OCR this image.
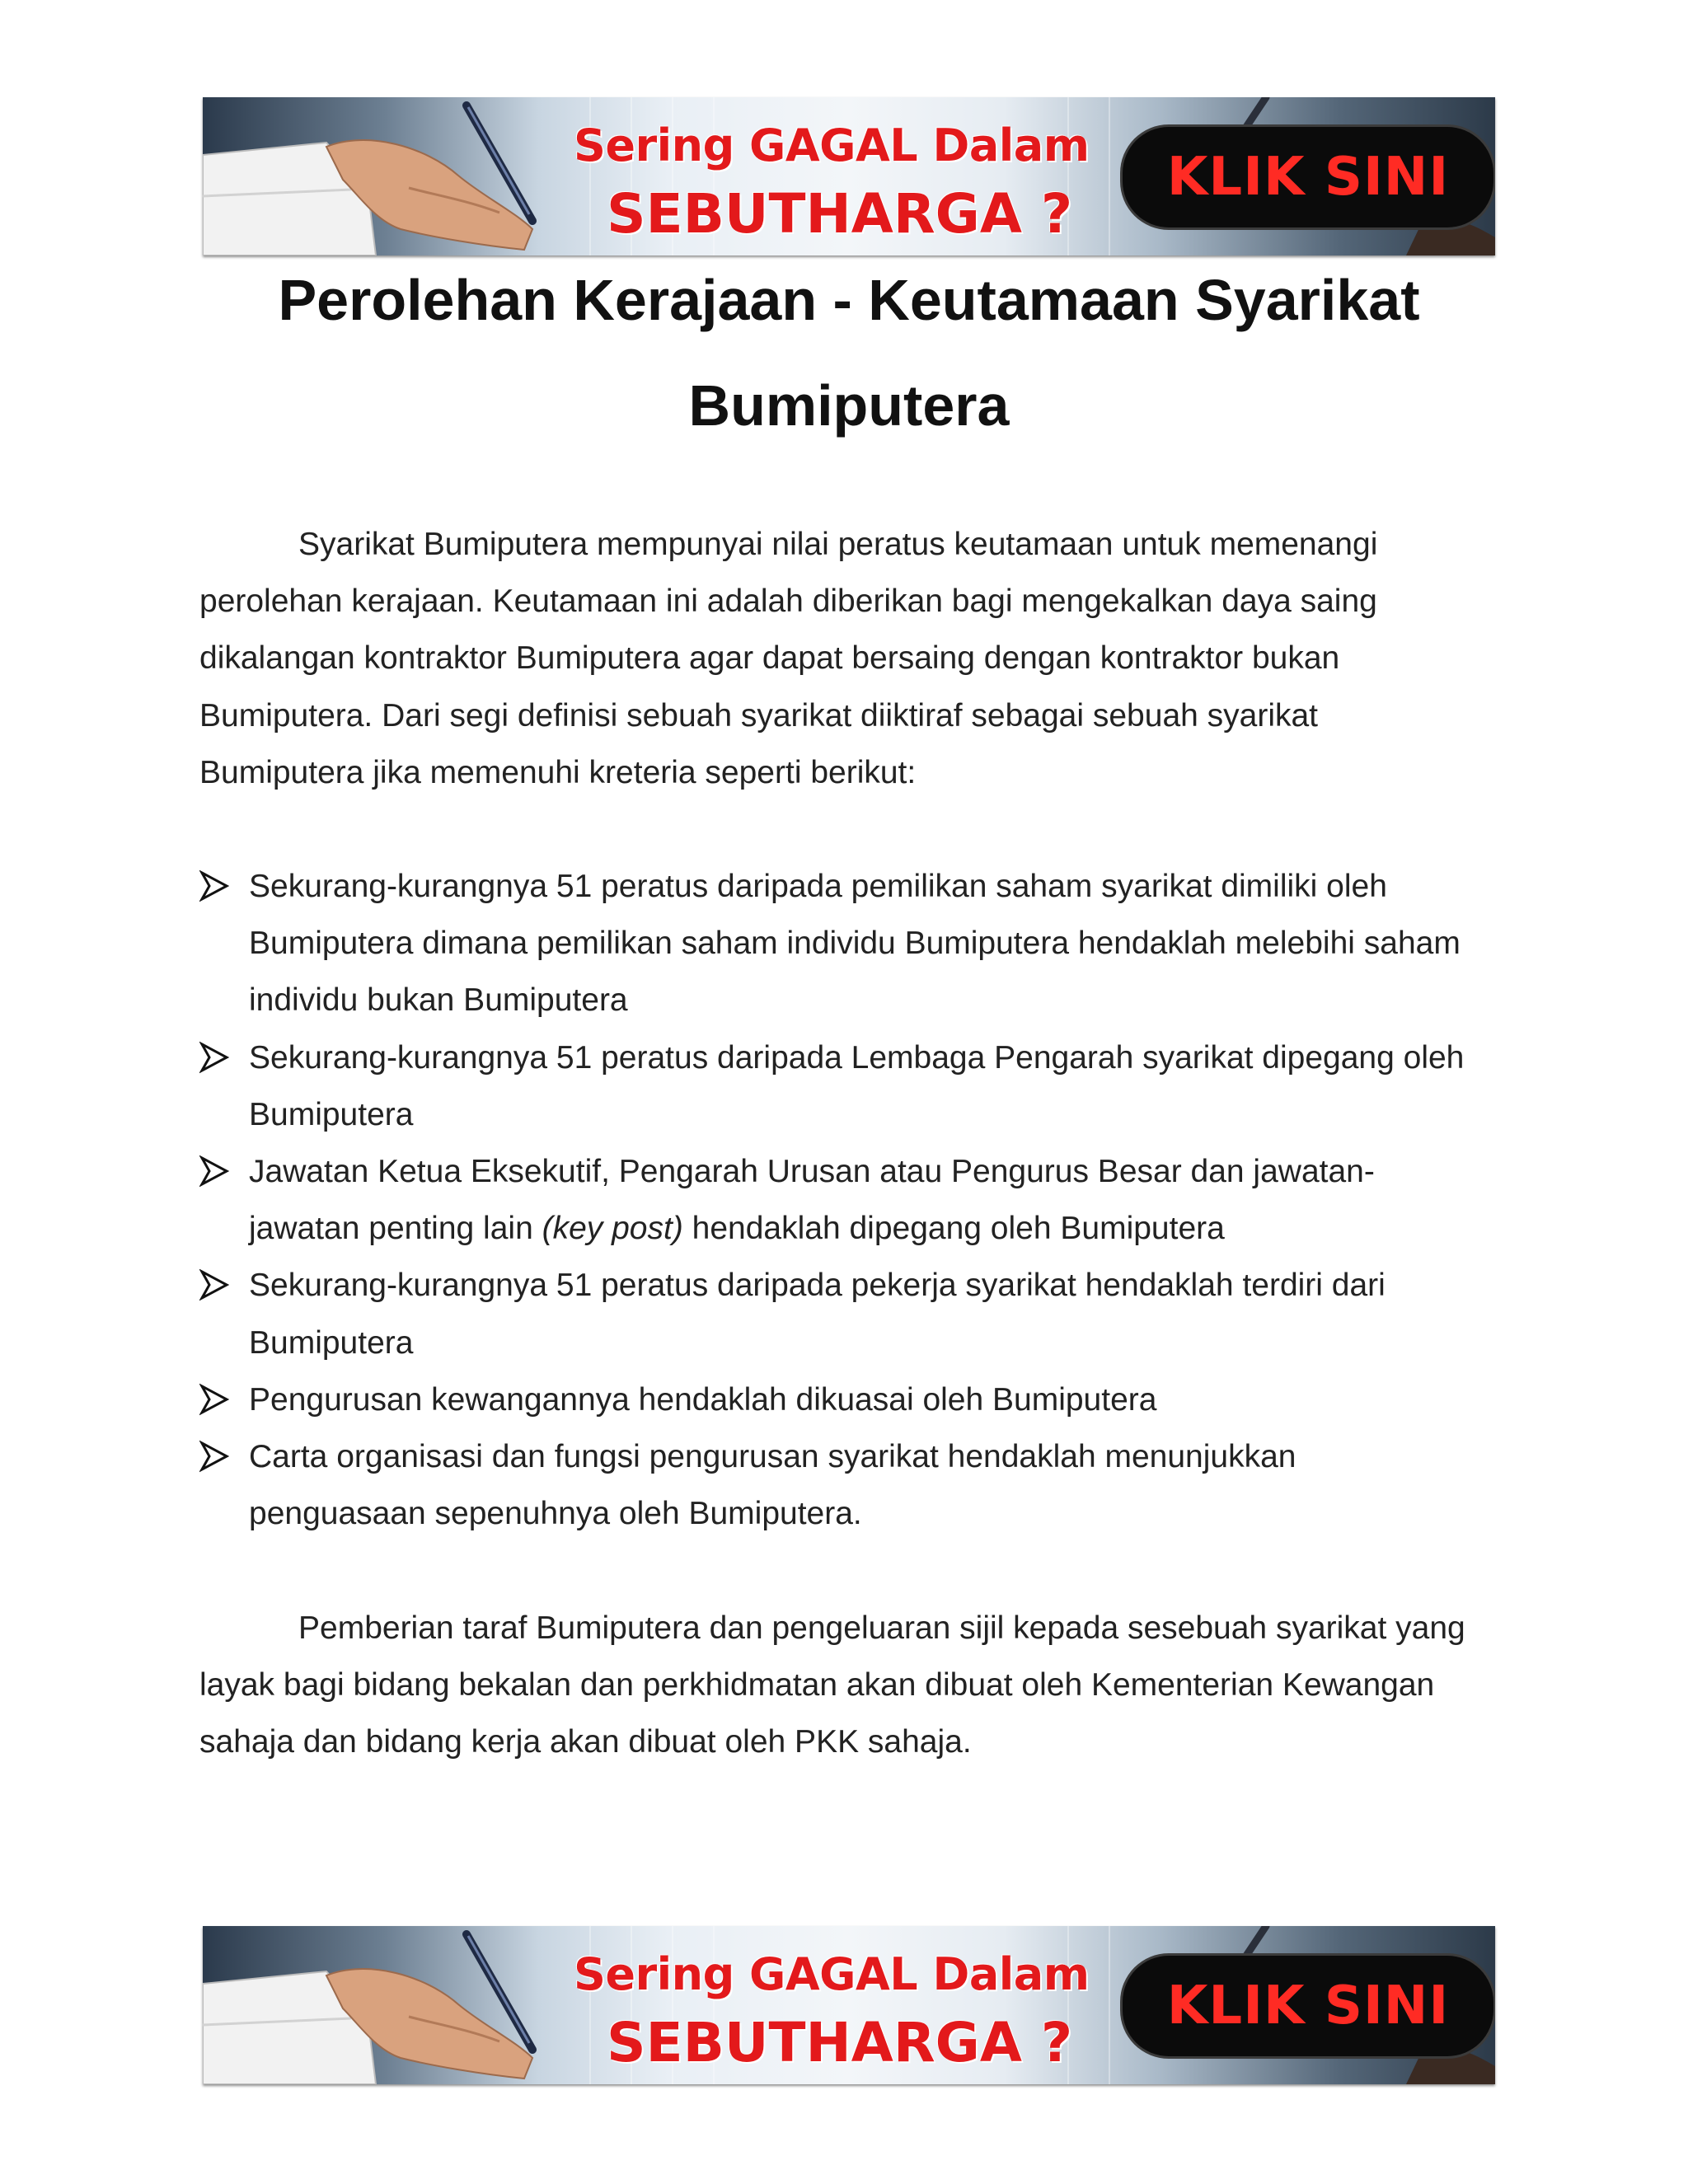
Sering GAGAL Dalam
SEBUTHARGA ?
KLIK SINI
Perolehan Kerajaan - Keutamaan Syarikat Bumiputera

Syarikat Bumiputera mempunyai nilai peratus keutamaan untuk memenangi perolehan kerajaan. Keutamaan ini adalah diberikan bagi mengekalkan daya saing dikalangan kontraktor Bumiputera agar dapat bersaing dengan kontraktor bukan Bumiputera. Dari segi definisi sebuah syarikat diiktiraf sebagai sebuah syarikat Bumiputera jika memenuhi kreteria seperti berikut:

Sekurang-kurangnya 51 peratus daripada pemilikan saham syarikat dimiliki oleh Bumiputera dimana pemilikan saham individu Bumiputera hendaklah melebihi saham individu bukan Bumiputera
Sekurang-kurangnya 51 peratus daripada Lembaga Pengarah syarikat dipegang oleh Bumiputera
Jawatan Ketua Eksekutif, Pengarah Urusan atau Pengurus Besar dan jawatan-jawatan penting lain (key post) hendaklah dipegang oleh Bumiputera
Sekurang-kurangnya 51 peratus daripada pekerja syarikat hendaklah terdiri dari Bumiputera
Pengurusan kewangannya hendaklah dikuasai oleh Bumiputera
Carta organisasi dan fungsi pengurusan syarikat hendaklah menunjukkan penguasaan sepenuhnya oleh Bumiputera.

Pemberian taraf Bumiputera dan pengeluaran sijil kepada sesebuah syarikat yang layak bagi bidang bekalan dan perkhidmatan akan dibuat oleh Kementerian Kewangan sahaja dan bidang kerja akan dibuat oleh PKK sahaja.

Sering GAGAL Dalam
SEBUTHARGA ?
KLIK SINI
